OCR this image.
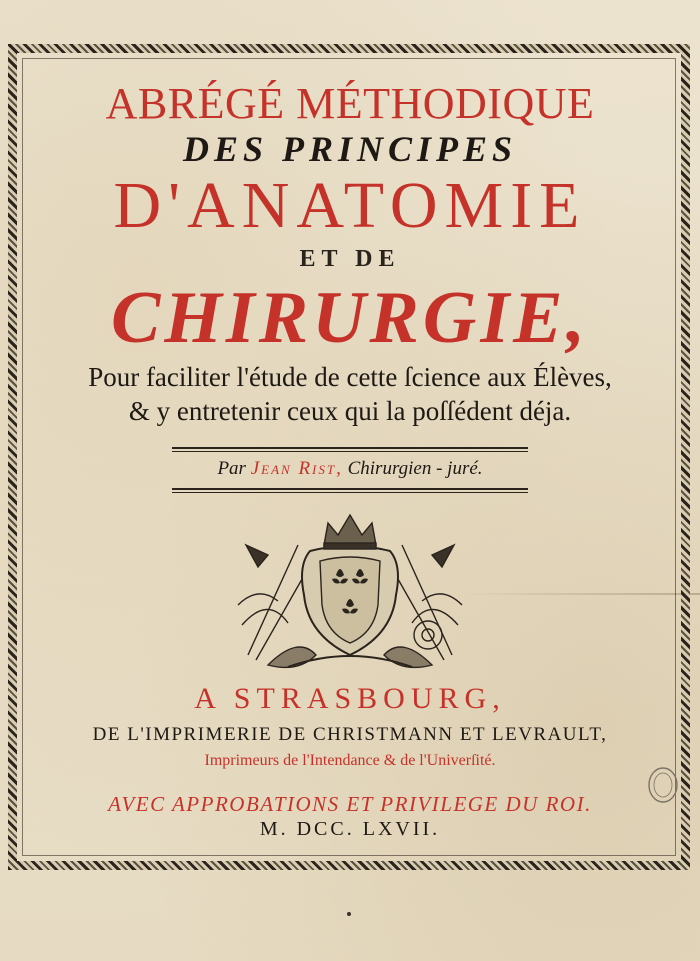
ABRÉGÉ MÉTHODIQUE
DES PRINCIPES
D'ANATOMIE
ET DE
CHIRURGIE,
Pour faciliter l'étude de cette ſcience aux Élèves,
& y entretenir ceux qui la poſſédent déja.
Par Jean Rist, Chirurgien - juré.
A STRASBOURG,
DE L'IMPRIMERIE DE CHRISTMANN ET LEVRAULT,
Imprimeurs de l'Intendance & de l'Univerſité.
AVEC APPROBATIONS ET PRIVILEGE DU ROI.
M. DCC. LXVII.
